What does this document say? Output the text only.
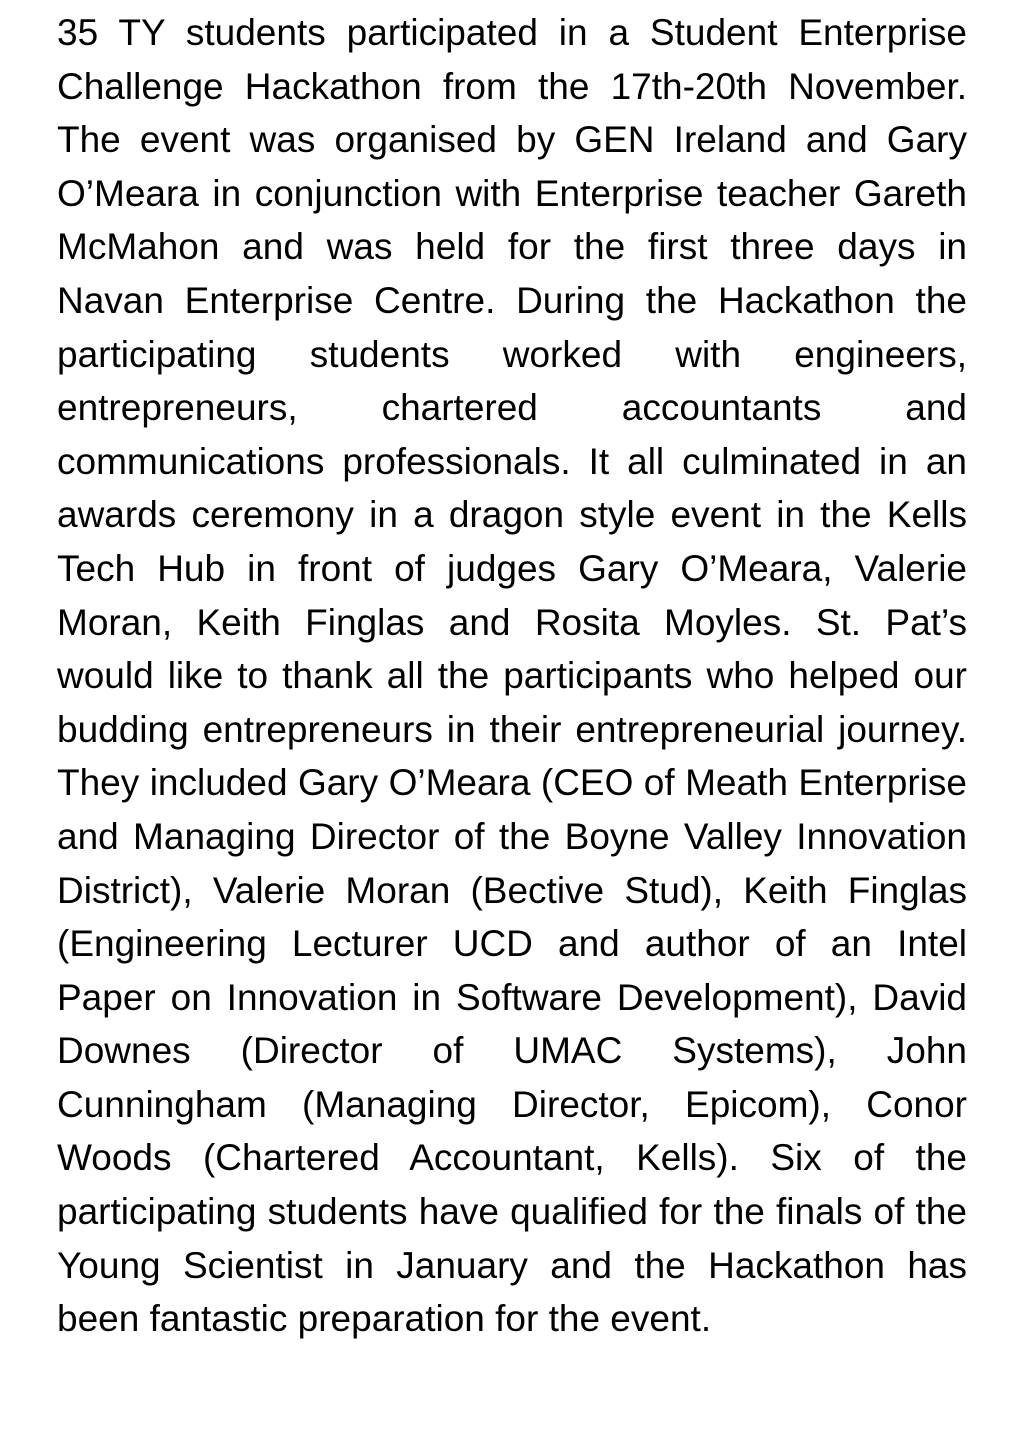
35 TY students participated in a Student Enterprise Challenge Hackathon from the 17th-20th November. The event was organised by GEN Ireland and Gary O’Meara in conjunction with Enterprise teacher Gareth McMahon and was held for the first three days in Navan Enterprise Centre. During the Hackathon the participating students worked with engineers, entrepreneurs, chartered accountants and communications professionals. It all culminated in an awards ceremony in a dragon style event in the Kells Tech Hub in front of judges Gary O’Meara, Valerie Moran, Keith Finglas and Rosita Moyles. St. Pat’s would like to thank all the participants who helped our budding entrepreneurs in their entrepreneurial journey. They included Gary O’Meara (CEO of Meath Enterprise and Managing Director of the Boyne Valley Innovation District), Valerie Moran (Bective Stud), Keith Finglas (Engineering Lecturer UCD and author of an Intel Paper on Innovation in Software Development), David Downes (Director of UMAC Systems), John Cunningham (Managing Director, Epicom), Conor Woods (Chartered Accountant, Kells). Six of the participating students have qualified for the finals of the Young Scientist in January and the Hackathon has been fantastic preparation for the event.
